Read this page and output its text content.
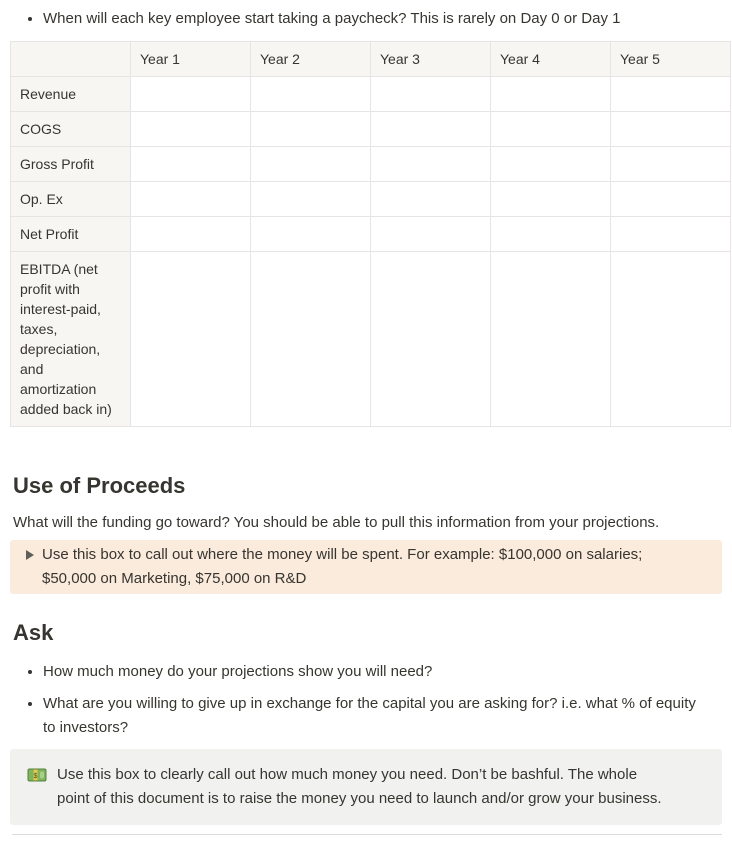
• When will each key employee start taking a paycheck? This is rarely on Day 0 or Day 1
	Year 1	Year 2	Year 3	Year 4	Year 5
Revenue					
COGS					
Gross Profit					
Op. Ex					
Net Profit					
EBITDA (net profit with interest-paid, taxes, depreciation, and amortization added back in)					
Use of Proceeds

What will the funding go toward? You should be able to pull this information from your projections.

Use this box to call out where the money will be spent. For example: $100,000 on salaries; $50,000 on Marketing, $75,000 on R&D
Ask
• How much money do your projections show you will need?
• What are you willing to give up in exchange for the capital you are asking for? i.e. what % of equity to investors?
$ Use this box to clearly call out how much money you need. Don’t be bashful. The whole point of this document is to raise the money you need to launch and/or grow your business.
